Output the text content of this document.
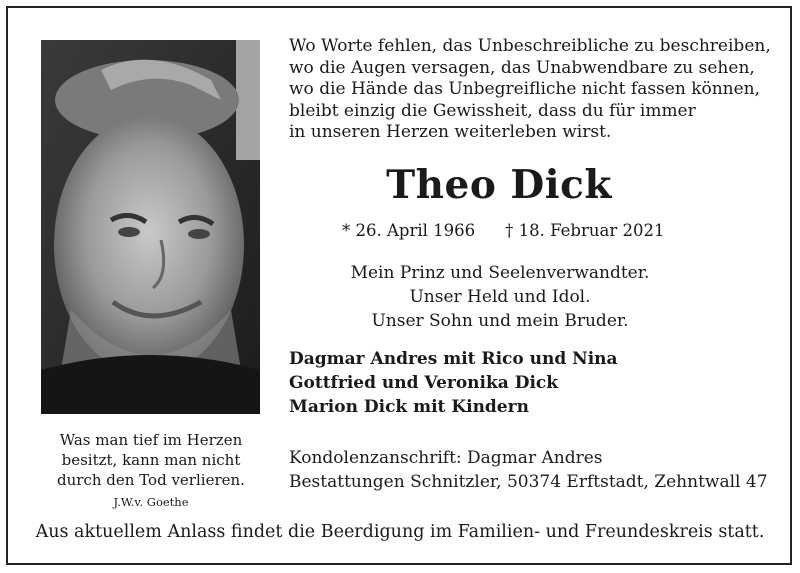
Was man tief im Herzen
besitzt, kann man nicht
durch den Tod verlieren.
J.W.v. Goethe
Wo Worte fehlen, das Unbeschreibliche zu beschreiben,
wo die Augen versagen, das Unabwendbare zu sehen,
wo die Hände das Unbegreifliche nicht fassen können,
bleibt einzig die Gewissheit, dass du für immer
in unseren Herzen weiterleben wirst.
Theo Dick
* 26. April 1966 † 18. Februar 2021
Mein Prinz und Seelenverwandter.
Unser Held und Idol.
Unser Sohn und mein Bruder.
Dagmar Andres mit Rico und Nina
Gottfried und Veronika Dick
Marion Dick mit Kindern
Kondolenzanschrift: Dagmar Andres
Bestattungen Schnitzler, 50374 Erftstadt, Zehntwall 47
Aus aktuellem Anlass findet die Beerdigung im Familien- und Freundeskreis statt.
